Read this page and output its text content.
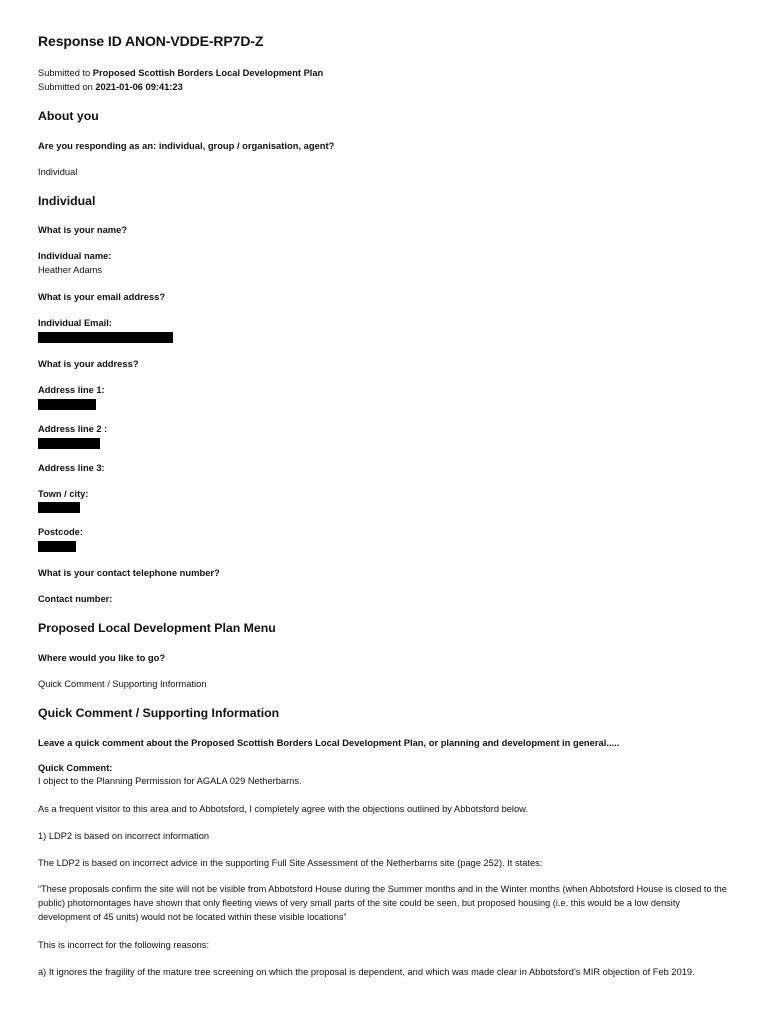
Response ID ANON-VDDE-RP7D-Z
Submitted to Proposed Scottish Borders Local Development Plan
Submitted on 2021-01-06 09:41:23
About you
Are you responding as an: individual, group / organisation, agent?
Individual
Individual
What is your name?
Individual name:
Heather Adams
What is your email address?
Individual Email:
What is your address?
Address line 1:
Address line 2 :
Address line 3:
Town / city:
Postcode:
What is your contact telephone number?
Contact number:
Proposed Local Development Plan Menu
Where would you like to go?
Quick Comment / Supporting Information
Quick Comment / Supporting Information
Leave a quick comment about the Proposed Scottish Borders Local Development Plan, or planning and development in general.....
Quick Comment:
I object to the Planning Permission for AGALA 029 Netherbarns.
As a frequent visitor to this area and to Abbotsford, I completely agree with the objections outlined by Abbotsford below.
1) LDP2 is based on incorrect information
The LDP2 is based on incorrect advice in the supporting Full Site Assessment of the Netherbarns site (page 252). It states:
“These proposals confirm the site will not be visible from Abbotsford House during the Summer months and in the Winter months (when Abbotsford House is closed to the public) photomontages have shown that only fleeting views of very small parts of the site could be seen, but proposed housing (i.e. this would be a low density development of 45 units) would not be located within these visible locations”
This is incorrect for the following reasons:
a) It ignores the fragility of the mature tree screening on which the proposal is dependent, and which was made clear in Abbotsford’s MIR objection of Feb 2019.
